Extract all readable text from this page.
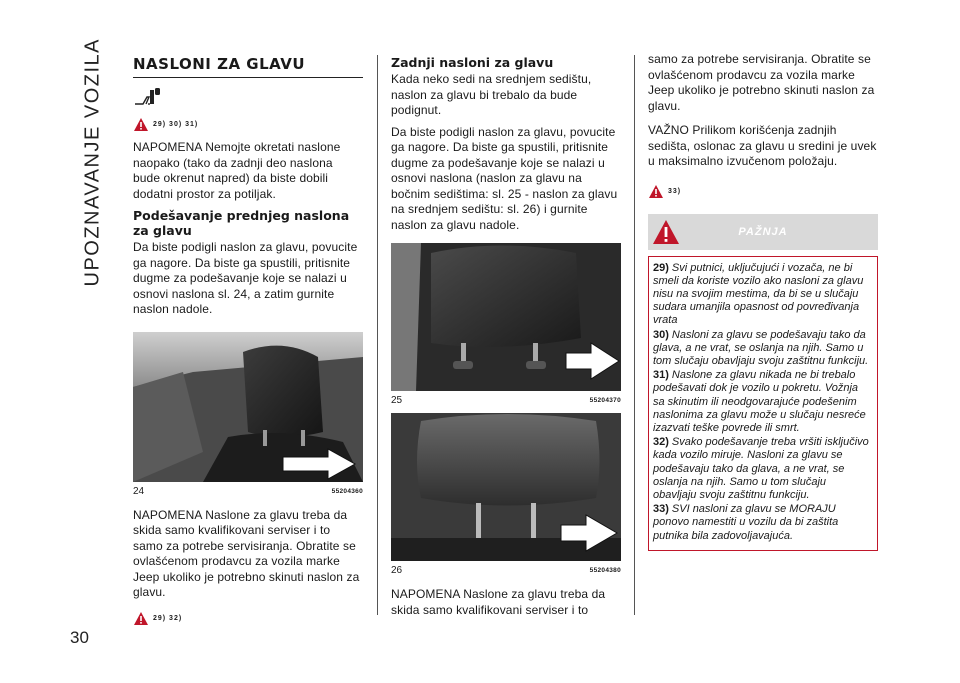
UPOZNAVANJE VOZILA
30
NASLONI ZA GLAVU
29) 30) 31)

NAPOMENA Nemojte okretati naslone naopako (tako da zadnji deo naslona bude okrenut napred) da biste dobili dodatni prostor za potiljak.

Podešavanje prednjeg naslona za glavu

Da biste podigli naslon za glavu, povucite ga nagore. Da biste ga spustili, pritisnite dugme za podešavanje koje se nalazi u osnovi naslona sl. 24, a zatim gurnite naslon nadole.

24	55204360

NAPOMENA Naslone za glavu treba da skida samo kvalifikovani serviser i to samo za potrebe servisiranja. Obratite se ovlašćenom prodavcu za vozila marke Jeep ukoliko je potrebno skinuti naslon za glavu.

29) 32)
Zadnji nasloni za glavu

Kada neko sedi na srednjem sedištu, naslon za glavu bi trebalo da bude podignut.

Da biste podigli naslon za glavu, povucite ga nagore. Da biste ga spustili, pritisnite dugme za podešavanje koje se nalazi u osnovi naslona (naslon za glavu na bočnim sedištima: sl. 25 - naslon za glavu na srednjem sedištu: sl. 26) i gurnite naslon za glavu nadole.

25	55204370
26	55204380

NAPOMENA Naslone za glavu treba da skida samo kvalifikovani serviser i to

samo za potrebe servisiranja. Obratite se ovlašćenom prodavcu za vozila marke Jeep ukoliko je potrebno skinuti naslon za glavu.

VAŽNO Prilikom korišćenja zadnjih sedišta, oslonac za glavu u sredini je uvek u maksimalno izvučenom položaju.

33)
PAŽNJA
29) Svi putnici, uključujući i vozača, ne bi smeli da koriste vozilo ako nasloni za glavu nisu na svojim mestima, da bi se u slučaju sudara umanjila opasnost od povređivanja vrata
30) Nasloni za glavu se podešavaju tako da glava, a ne vrat, se oslanja na njih. Samo u tom slučaju obavljaju svoju zaštitnu funkciju.
31) Naslone za glavu nikada ne bi trebalo podešavati dok je vozilo u pokretu. Vožnja sa skinutim ili neodgovarajuće podešenim naslonima za glavu može u slučaju nesreće izazvati teške povrede ili smrt.
32) Svako podešavanje treba vršiti isključivo kada vozilo miruje. Nasloni za glavu se podešavaju tako da glava, a ne vrat, se oslanja na njih. Samo u tom slučaju obavljaju svoju zaštitnu funkciju.
33) SVI nasloni za glavu se MORAJU ponovo namestiti u vozilu da bi zaštita putnika bila zadovoljavajuća.
